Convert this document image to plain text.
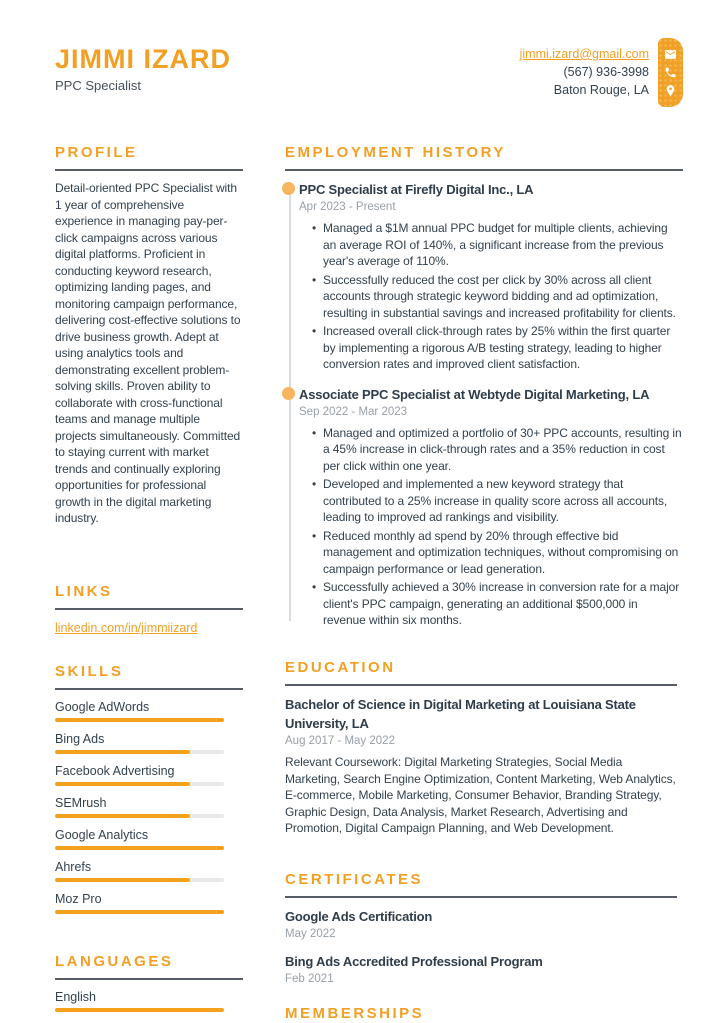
JIMMI IZARD
PPC Specialist
jimmi.izard@gmail.com
(567) 936-3998
Baton Rouge, LA
PROFILE

Detail-oriented PPC Specialist with 1 year of comprehensive experience in managing pay-per-click campaigns across various digital platforms. Proficient in conducting keyword research, optimizing landing pages, and monitoring campaign performance, delivering cost-effective solutions to drive business growth. Adept at using analytics tools and demonstrating excellent problem-solving skills. Proven ability to collaborate with cross-functional teams and manage multiple projects simultaneously. Committed to staying current with market trends and continually exploring opportunities for professional growth in the digital marketing industry.

LINKS
linkedin.com/in/jimmiizard
SKILLS
Google AdWords
Bing Ads
Facebook Advertising
SEMrush
Google Analytics
Ahrefs
Moz Pro
LANGUAGES
English
EMPLOYMENT HISTORY
PPC Specialist at Firefly Digital Inc., LA
Apr 2023 - Present
• Managed a $1M annual PPC budget for multiple clients, achieving an average ROI of 140%, a significant increase from the previous year's average of 110%.
• Successfully reduced the cost per click by 30% across all client accounts through strategic keyword bidding and ad optimization, resulting in substantial savings and increased profitability for clients.
• Increased overall click-through rates by 25% within the first quarter by implementing a rigorous A/B testing strategy, leading to higher conversion rates and improved client satisfaction.
Associate PPC Specialist at Webtyde Digital Marketing, LA
Sep 2022 - Mar 2023
• Managed and optimized a portfolio of 30+ PPC accounts, resulting in a 45% increase in click-through rates and a 35% reduction in cost per click within one year.
• Developed and implemented a new keyword strategy that contributed to a 25% increase in quality score across all accounts, leading to improved ad rankings and visibility.
• Reduced monthly ad spend by 20% through effective bid management and optimization techniques, without compromising on campaign performance or lead generation.
• Successfully achieved a 30% increase in conversion rate for a major client's PPC campaign, generating an additional $500,000 in revenue within six months.
EDUCATION
Bachelor of Science in Digital Marketing at Louisiana State University, LA
Aug 2017 - May 2022

Relevant Coursework: Digital Marketing Strategies, Social Media Marketing, Search Engine Optimization, Content Marketing, Web Analytics, E-commerce, Mobile Marketing, Consumer Behavior, Branding Strategy, Graphic Design, Data Analysis, Market Research, Advertising and Promotion, Digital Campaign Planning, and Web Development.

CERTIFICATES
Google Ads Certification
May 2022
Bing Ads Accredited Professional Program
Feb 2021
MEMBERSHIPS
